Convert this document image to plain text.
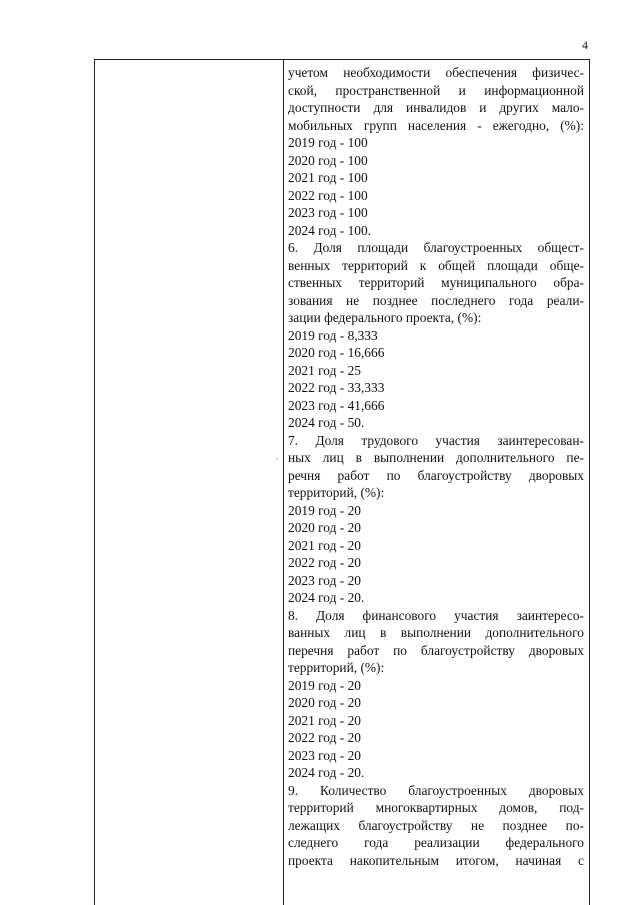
4
учетом необходимости обеспечения физичес-
ской, пространственной и информационной
доступности для инвалидов и других мало-
мобильных групп населения - ежегодно, (%):
2019 год - 100
2020 год - 100
2021 год - 100
2022 год - 100
2023 год - 100
2024 год - 100.
6. Доля площади благоустроенных общест-
венных территорий к общей площади обще-
ственных территорий муниципального обра-
зования не позднее последнего года реали-
зации федерального проекта, (%):
2019 год - 8,333
2020 год - 16,666
2021 год - 25
2022 год - 33,333
2023 год - 41,666
2024 год - 50.
7. Доля трудового участия заинтересован-
ных лиц в выполнении дополнительного пе-
речня работ по благоустройству дворовых
территорий, (%):
2019 год - 20
2020 год - 20
2021 год - 20
2022 год - 20
2023 год - 20
2024 год - 20.
8. Доля финансового участия заинтересо-
ванных лиц в выполнении дополнительного
перечня работ по благоустройству дворовых
территорий, (%):
2019 год - 20
2020 год - 20
2021 год - 20
2022 год - 20
2023 год - 20
2024 год - 20.
9. Количество благоустроенных дворовых
территорий многоквартирных домов, под-
лежащих благоустройству не позднее по-
следнего года реализации федерального
проекта накопительным итогом, начиная с
